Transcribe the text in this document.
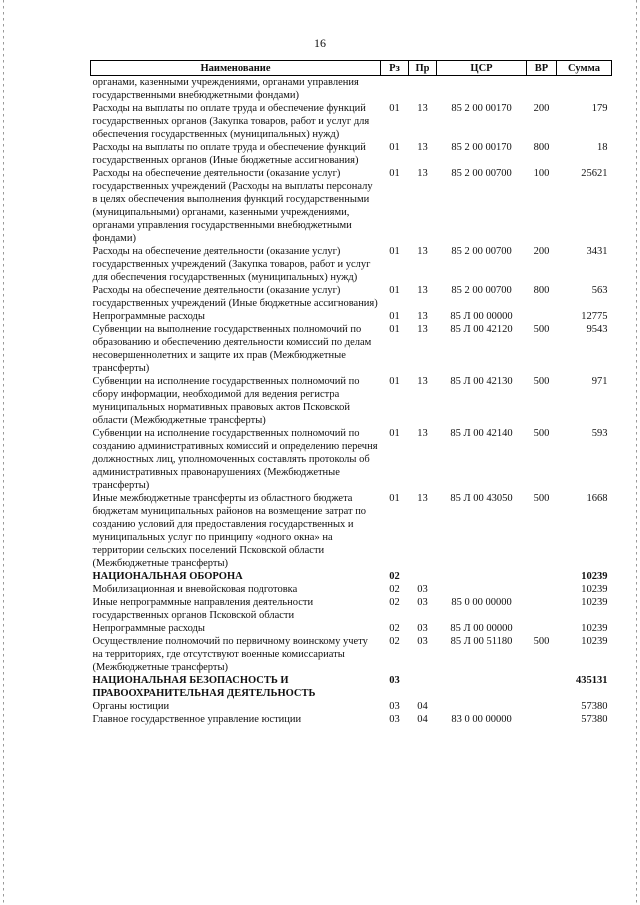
16
Наименование	Рз	Пр	ЦСР	ВР	Сумма
органами, казенными учреждениями, органами управления государственными внебюджетными фондами)					
Расходы на выплаты по оплате труда и обеспечение функций государственных органов (Закупка товаров, работ и услуг для обеспечения государственных (муниципальных) нужд)	01	13	85 2 00 00170	200	179
Расходы на выплаты по оплате труда и обеспечение функций государственных органов (Иные бюджетные ассигнования)	01	13	85 2 00 00170	800	18
Расходы на обеспечение деятельности (оказание услуг) государственных учреждений (Расходы на выплаты персоналу в целях обеспечения выполнения функций государственными (муниципальными) органами, казенными учреждениями, органами управления государственными внебюджетными фондами)	01	13	85 2 00 00700	100	25621
Расходы на обеспечение деятельности (оказание услуг) государственных учреждений (Закупка товаров, работ и услуг для обеспечения государственных (муниципальных) нужд)	01	13	85 2 00 00700	200	3431
Расходы на обеспечение деятельности (оказание услуг) государственных учреждений (Иные бюджетные ассигнования)	01	13	85 2 00 00700	800	563
Непрограммные расходы	01	13	85 Л 00 00000		12775
Субвенции на выполнение государственных полномочий по образованию и обеспечению деятельности комиссий по делам несовершеннолетних и защите их прав (Межбюджетные трансферты)	01	13	85 Л 00 42120	500	9543
Субвенции на исполнение государственных полномочий по сбору информации, необходимой для ведения регистра муниципальных нормативных правовых актов Псковской области (Межбюджетные трансферты)	01	13	85 Л 00 42130	500	971
Субвенции на исполнение государственных полномочий по созданию административных комиссий и определению перечня должностных лиц, уполномоченных составлять протоколы об административных правонарушениях (Межбюджетные трансферты)	01	13	85 Л 00 42140	500	593
Иные межбюджетные трансферты из областного бюджета бюджетам муниципальных районов на возмещение затрат по созданию условий для предоставления государственных и муниципальных услуг по принципу «одного окна» на территории сельских поселений Псковской области (Межбюджетные трансферты)	01	13	85 Л 00 43050	500	1668
НАЦИОНАЛЬНАЯ ОБОРОНА	02				10239
Мобилизационная и вневойсковая подготовка	02	03			10239
Иные непрограммные направления деятельности государственных органов Псковской области	02	03	85 0 00 00000		10239
Непрограммные расходы	02	03	85 Л 00 00000		10239
Осуществление полномочий по первичному воинскому учету на территориях, где отсутствуют военные комиссариаты (Межбюджетные трансферты)	02	03	85 Л 00 51180	500	10239
НАЦИОНАЛЬНАЯ БЕЗОПАСНОСТЬ И ПРАВООХРАНИТЕЛЬНАЯ ДЕЯТЕЛЬНОСТЬ	03				435131
Органы юстиции	03	04			57380
Главное государственное управление юстиции	03	04	83 0 00 00000		57380
